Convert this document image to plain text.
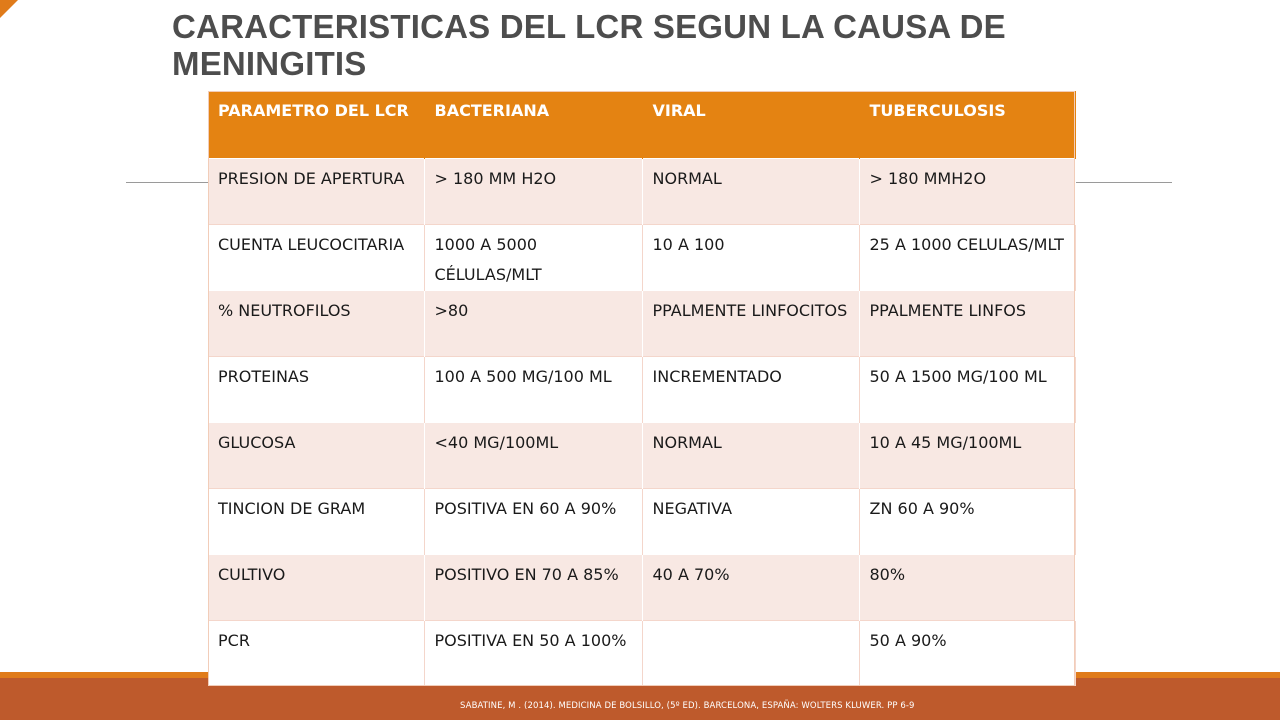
CARACTERISTICAS DEL LCR SEGUN LA CAUSA DE MENINGITIS
PARAMETRO DEL LCR	BACTERIANA	VIRAL	TUBERCULOSIS
PRESION DE APERTURA	> 180 MM H2O	NORMAL	> 180 MMH2O
CUENTA LEUCOCITARIA	1000 A 5000 CÉLULAS/MLT	10 A 100	25 A 1000 CELULAS/MLT
% NEUTROFILOS	>80	PPALMENTE LINFOCITOS	PPALMENTE LINFOS
PROTEINAS	100 A 500 MG/100 ML	INCREMENTADO	50 A 1500 MG/100 ML
GLUCOSA	<40 MG/100ML	NORMAL	10 A 45 MG/100ML
TINCION DE GRAM	POSITIVA EN 60 A 90%	NEGATIVA	ZN 60 A 90%
CULTIVO	POSITIVO EN 70 A 85%	40 A 70%	80%
PCR	POSITIVA EN 50 A 100%		50 A 90%
SABATINE, M . (2014). MEDICINA DE BOLSILLO, (5º ED). BARCELONA, ESPAÑA: WOLTERS KLUWER. PP 6-9
